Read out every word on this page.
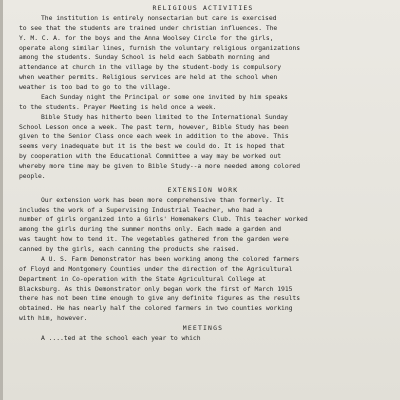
RELIGIOUS ACTIVITIES
The institution is entirely nonsectarian but care is exercised
to see that the students are trained under christian influences. The
Y. M. C. A. for the boys and the Anna Woolsey Circle for the girls,
operate along similar lines, furnish the voluntary religious organizations
among the students. Sunday School is held each Sabbath morning and
attendance at church in the village by the student-body is compulsory
when weather permits. Religious services are held at the school when
weather is too bad to go to the village.
Each Sunday night the Principal or some one invited by him speaks
to the students. Prayer Meeting is held once a week.
Bible Study has hitherto been limited to the International Sunday
School Lesson once a week. The past term, however, Bible Study has been
given to the Senior Class once each week in addition to the above. This
seems very inadequate but it is the best we could do. It is hoped that
by cooperation with the Educational Committee a way may be worked out
whereby more time may be given to Bible Study--a more needed among colored
people.
EXTENSION WORK
Our extension work has been more comprehensive than formerly. It
includes the work of a Supervising Industrial Teacher, who had a
number of girls organized into a Girls' Homemakers Club. This teacher worked
among the girls during the summer months only. Each made a garden and
was taught how to tend it. The vegetables gathered from the garden were
canned by the girls, each canning the products she raised.
A U. S. Farm Demonstrator has been working among the colored farmers
of Floyd and Montgomery Counties under the direction of the Agricultural
Department in Co-operation with the State Agricultural College at
Blacksburg. As this Demonstrator only began work the first of March 1915
there has not been time enough to give any definite figures as the results
obtained. He has nearly half the colored farmers in two counties working
with him, however.
MEETINGS
A ....ted at the school each year to which
